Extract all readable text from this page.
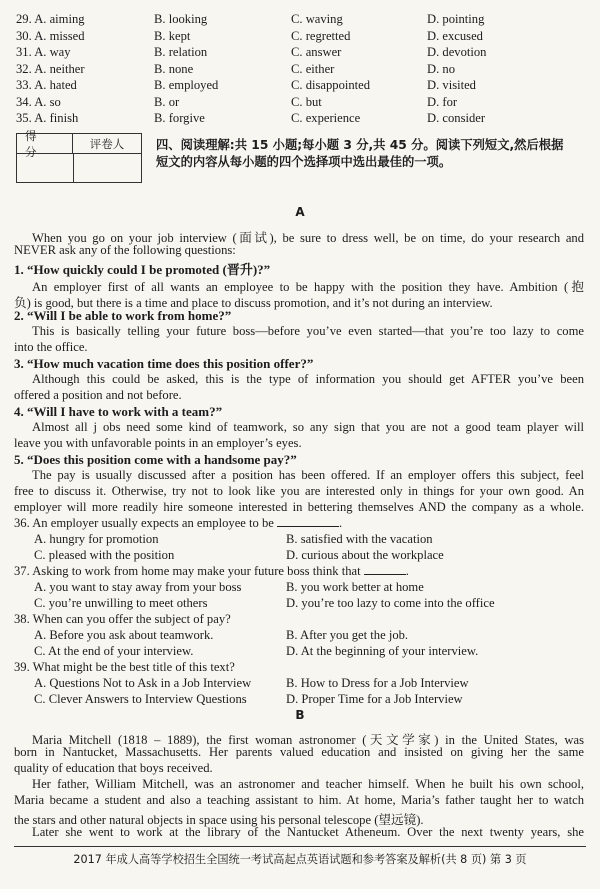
29. A. aiming	B. looking	C. waving	D. pointing
30. A. missed	B. kept	C. regretted	D. excused
31. A. way	B. relation	C. answer	D. devotion
32. A. neither	B. none	C. either	D. no
33. A. hated	B. employed	C. disappointed	D. visited
34. A. so	B. or	C. but	D. for
35. A. finish	B. forgive	C. experience	D. consider
得 分
评卷人	四、阅读理解:共 15 小题;每小题 3 分,共 45 分。阅读下列短文,然后根据
短文的内容从每小题的四个选择项中选出最佳的一项。
A
When you go on your job interview (面试), be sure to dress well, be on time, do your research and
NEVER ask any of the following questions:
1. “How quickly could I be promoted (晋升)?”
An employer first of all wants an employee to be happy with the position they have. Ambition (抱
负) is good, but there is a time and place to discuss promotion, and it’s not during an interview.
2. “Will I be able to work from home?”
This is basically telling your future boss—before you’ve even started—that you’re too lazy to come
into the office.
3. “How much vacation time does this position offer?”
Although this could be asked, this is the type of information you should get AFTER you’ve been
offered a position and not before.
4. “Will I have to work with a team?”
Almost all j obs need some kind of teamwork, so any sign that you are not a good team player will
leave you with unfavorable points in an employer’s eyes.
5. “Does this position come with a handsome pay?”
The pay is usually discussed after a position has been offered. If an employer offers this subject, feel
free to discuss it. Otherwise, try not to look like you are interested only in things for your own good. An
employer will more readily hire someone interested in bettering themselves AND the company as a whole.
36. An employer usually expects an employee to be	.
A. hungry for promotion	B. satisfied with the vacation
C. pleased with the position	D. curious about the workplace
37. Asking to work from home may make your future boss think that	.
A. you want to stay away from your boss	B. you work better at home
C. you’re unwilling to meet others	D. you’re too lazy to come into the office
38. When can you offer the subject of pay?
A. Before you ask about teamwork.	B. After you get the job.
C. At the end of your interview.	D. At the beginning of your interview.
39. What might be the best title of this text?
A. Questions Not to Ask in a Job Interview	B. How to Dress for a Job Interview
C. Clever Answers to Interview Questions	D. Proper Time for a Job Interview
B
Maria Mitchell (1818 – 1889), the first woman astronomer (天文学家) in the United States, was
born in Nantucket, Massachusetts. Her parents valued education and insisted on giving her the same
quality of education that boys received.
Her father, William Mitchell, was an astronomer and teacher himself. When he built his own school,
Maria became a student and also a teaching assistant to him. At home, Maria’s father taught her to watch
the stars and other natural objects in space using his personal telescope (望远镜).
Later she went to work at the library of the Nantucket Atheneum. Over the next twenty years, she
2017 年成人高等学校招生全国统一考试高起点英语试题和参考答案及解析(共 8 页) 第 3 页
